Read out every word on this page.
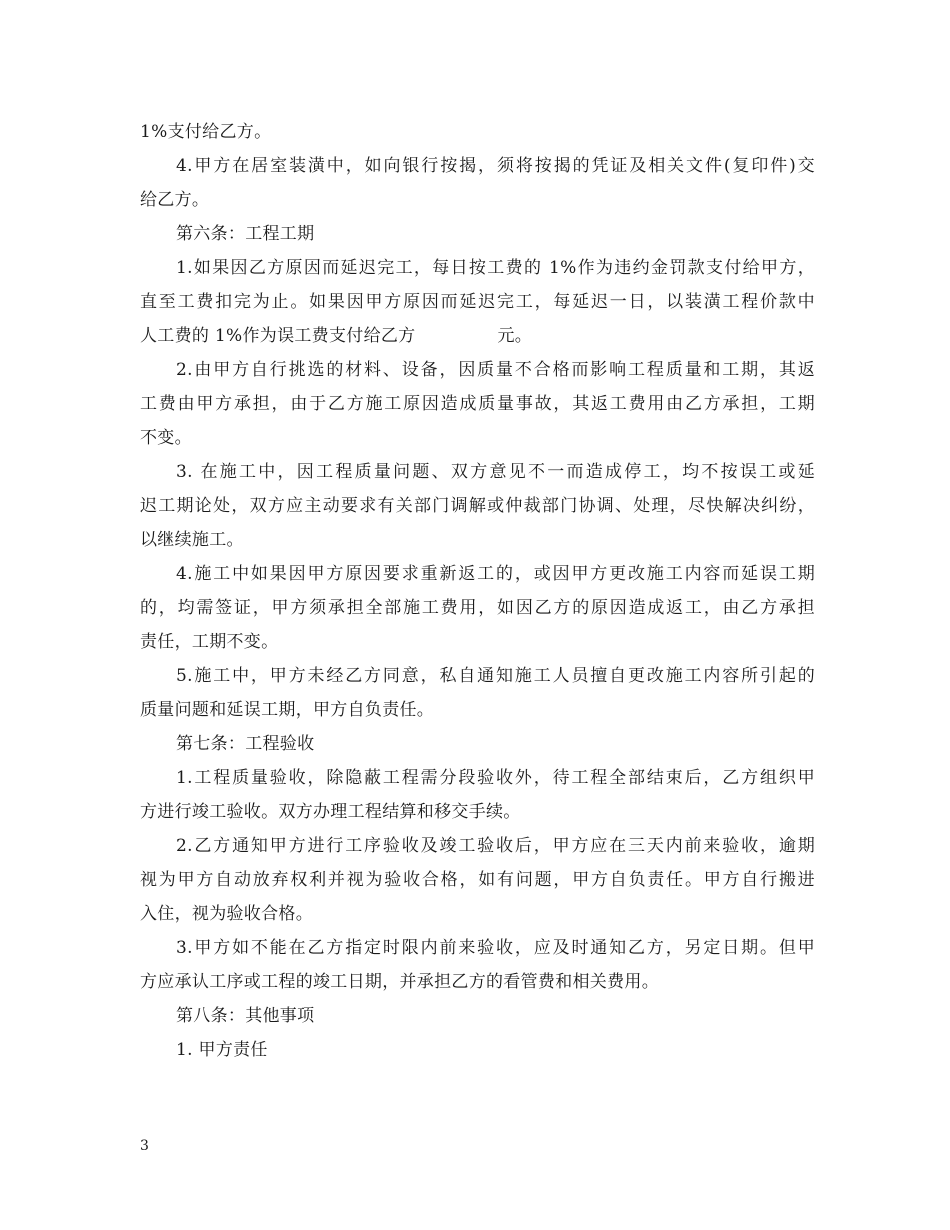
1%支付给乙方。
4.甲方在居室装潢中，如向银行按揭，须将按揭的凭证及相关文件(复印件)交
给乙方。
第六条：工程工期
1.如果因乙方原因而延迟完工，每日按工费的 1%作为违约金罚款支付给甲方，
直至工费扣完为止。如果因甲方原因而延迟完工，每延迟一日，以装潢工程价款中
人工费的 1%作为误工费支付给乙方	元。
2.由甲方自行挑选的材料、设备，因质量不合格而影响工程质量和工期，其返
工费由甲方承担，由于乙方施工原因造成质量事故，其返工费用由乙方承担，工期
不变。
3. 在施工中，因工程质量问题、双方意见不一而造成停工，均不按误工或延
迟工期论处，双方应主动要求有关部门调解或仲裁部门协调、处理，尽快解决纠纷，
以继续施工。
4.施工中如果因甲方原因要求重新返工的，或因甲方更改施工内容而延误工期
的，均需签证，甲方须承担全部施工费用，如因乙方的原因造成返工，由乙方承担
责任，工期不变。
5.施工中，甲方未经乙方同意，私自通知施工人员擅自更改施工内容所引起的
质量问题和延误工期，甲方自负责任。
第七条：工程验收
1.工程质量验收，除隐蔽工程需分段验收外，待工程全部结束后，乙方组织甲
方进行竣工验收。双方办理工程结算和移交手续。
2.乙方通知甲方进行工序验收及竣工验收后，甲方应在三天内前来验收，逾期
视为甲方自动放弃权利并视为验收合格，如有问题，甲方自负责任。甲方自行搬进
入住，视为验收合格。
3.甲方如不能在乙方指定时限内前来验收，应及时通知乙方，另定日期。但甲
方应承认工序或工程的竣工日期，并承担乙方的看管费和相关费用。
第八条：其他事项
1. 甲方责任
3
